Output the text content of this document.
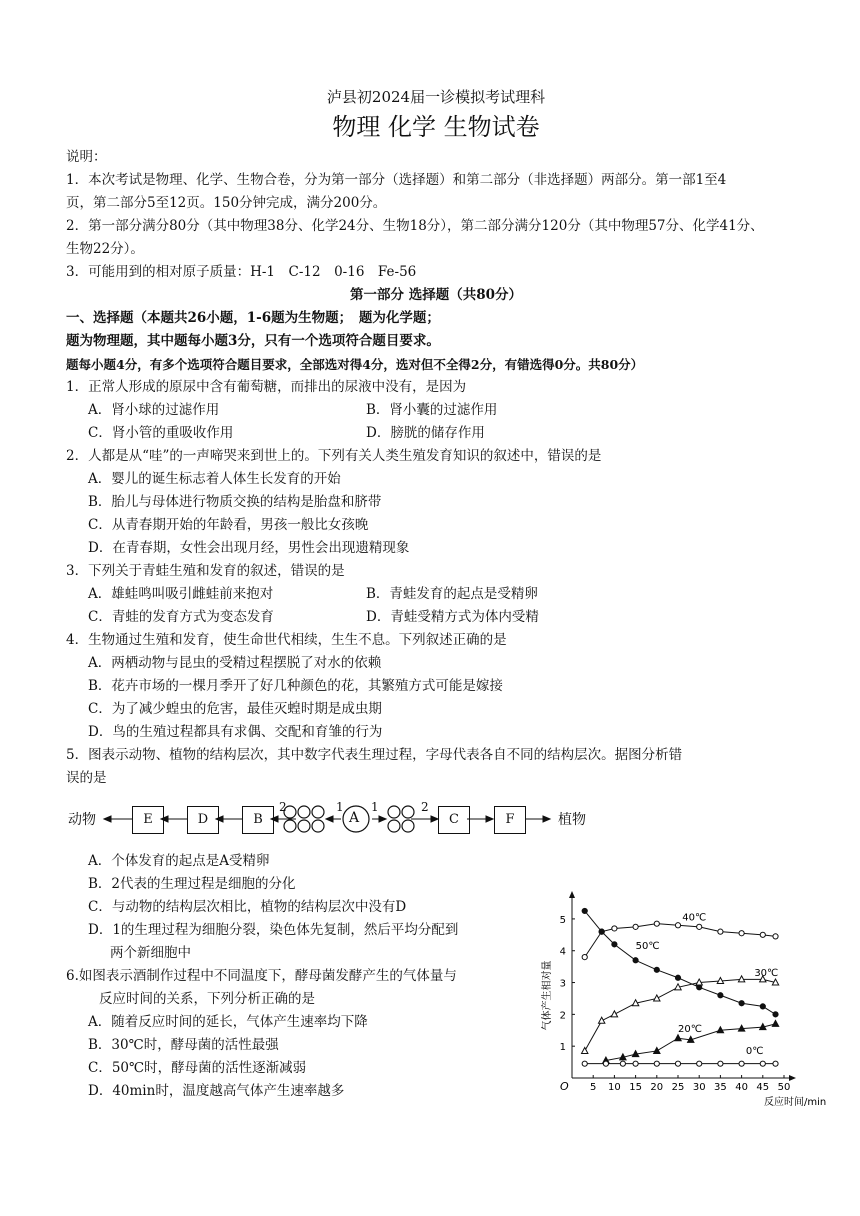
泸县初2024届一诊模拟考试理科
物理 化学 生物试卷
说明：
1．本次考试是物理、化学、生物合卷，分为第一部分（选择题）和第二部分（非选择题）两部分。第一部1至4
页，第二部分5至12页。150分钟完成，满分200分。
2．第一部分满分80分（其中物理38分、化学24分、生物18分），第二部分满分120分（其中物理57分、化学41分、
生物22分）。
3．可能用到的相对原子质量：H-1　C-12　0-16　Fe-56
第一部分 选择题（共80分）
一、选择题（本题共26小题，1-6题为生物题；　题为化学题；
题为物理题，其中题每小题3分，只有一个选项符合题目要求。
题每小题4分，有多个选项符合题目要求，全部选对得4分，选对但不全得2分，有错选得0分。共80分）
1．正常人形成的原尿中含有葡萄糖，而排出的尿液中没有，是因为
A．肾小球的过滤作用	B．肾小囊的过滤作用
C．肾小管的重吸收作用	D．膀胱的储存作用
2．人都是从“哇”的一声啼哭来到世上的。下列有关人类生殖发育知识的叙述中，错误的是
A．婴儿的诞生标志着人体生长发育的开始
B．胎儿与母体进行物质交换的结构是胎盘和脐带
C．从青春期开始的年龄看，男孩一般比女孩晚
D．在青春期，女性会出现月经，男性会出现遗精现象
3．下列关于青蛙生殖和发育的叙述，错误的是
A．雄蛙鸣叫吸引雌蛙前来抱对	B．青蛙发育的起点是受精卵
C．青蛙的发育方式为变态发育	D．青蛙受精方式为体内受精
4．生物通过生殖和发育，使生命世代相续，生生不息。下列叙述正确的是
A．两栖动物与昆虫的受精过程摆脱了对水的依赖
B．花卉市场的一棵月季开了好几种颜色的花，其繁殖方式可能是嫁接
C．为了减少蝗虫的危害，最佳灭蝗时期是成虫期
D．鸟的生殖过程都具有求偶、交配和育雏的行为
5．图表示动物、植物的结构层次，其中数字代表生理过程，字母代表各自不同的结构层次。据图分析错
误的是
动物	植物
A
E	D	B	C	F
2	1 1	2
A．个体发育的起点是A受精卵
B．2代表的生理过程是细胞的分化
C．与动物的结构层次相比，植物的结构层次中没有D
D．1的生理过程为细胞分裂，染色体先复制，然后平均分配到
两个新细胞中
6.如图表示酒制作过程中不同温度下，酵母菌发酵产生的气体量与
反应时间的关系，下列分析正确的是
A．随着反应时间的延长，气体产生速率均下降
B．30℃时，酵母菌的活性最强
C．50℃时，酵母菌的活性逐渐减弱
D．40min时，温度越高气体产生速率越多	O 5 10 15 20 25 30 35 40 45 50
1
2
3
4
5
反应时间/min
气体产生相对量
40℃
50℃
30℃
20℃
0℃
